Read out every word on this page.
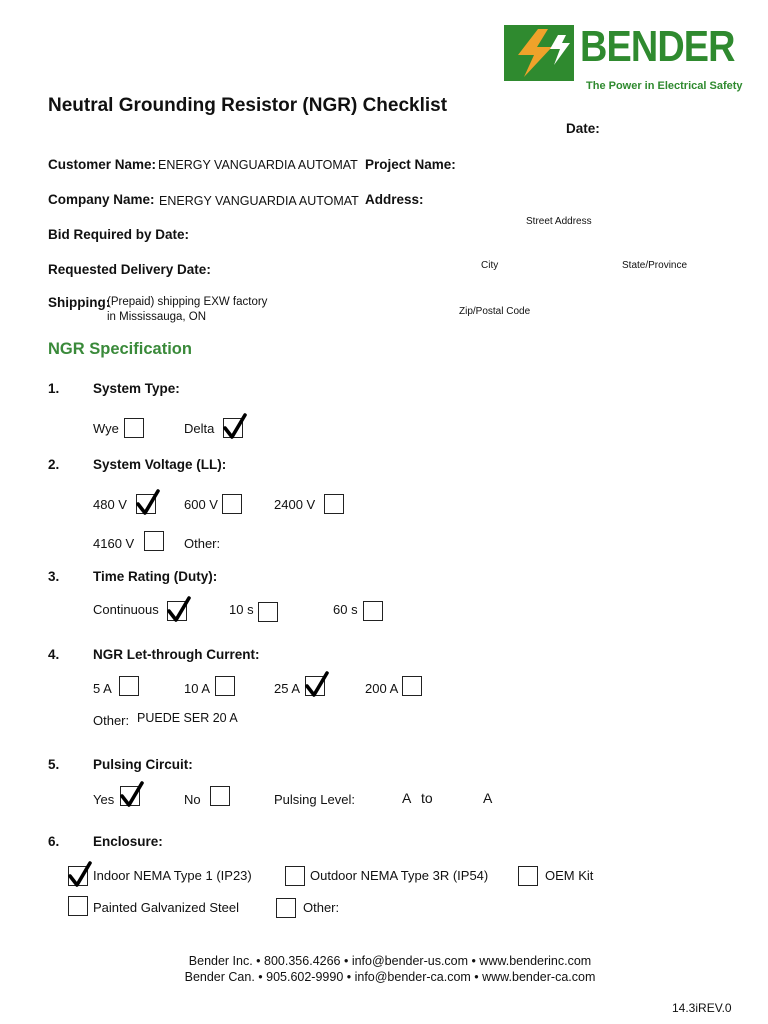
BENDER
The Power in Electrical Safety
Neutral Grounding Resistor (NGR) Checklist
Date:
Customer Name: ENERGY VANGUARDIA AUTOMAT
Company Name: ENERGY VANGUARDIA AUTOMAT
Bid Required by Date:
Requested Delivery Date:
Shipping:
(Prepaid) shipping EXW factory
in Mississauga, ON
Project Name:
Address:
Street Address
City	State/Province
Zip/Postal Code
NGR Specification
1. System Type:
Wye	Delta
2. System Voltage (LL):
480 V	600 V	2400 V
4160 V	Other:
3. Time Rating (Duty):
Continuous	10 s	60 s
4. NGR Let-through Current:
5 A	10 A	25 A	200 A
Other: PUEDE SER 20 A
5. Pulsing Circuit:
Yes	No	Pulsing Level:	A to	A
6. Enclosure:
Indoor NEMA Type 1 (IP23)	Outdoor NEMA Type 3R (IP54)	OEM Kit
Painted Galvanized Steel	Other:
Bender Inc. • 800.356.4266 • info@bender-us.com • www.benderinc.com
Bender Can. • 905.602-9990 • info@bender-ca.com • www.bender-ca.com
14.3iREV.0
